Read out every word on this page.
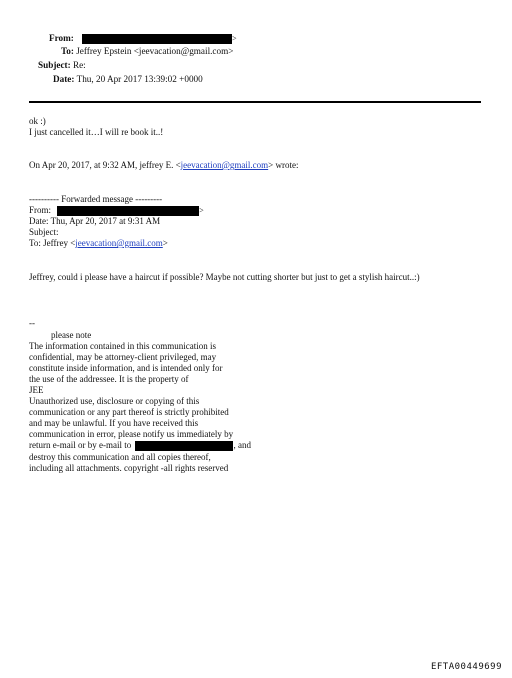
From:	>
To: Jeffrey Epstein <jeevacation@gmail.com>
Subject: Re:
Date: Thu, 20 Apr 2017 13:39:02 +0000
ok :)
I just cancelled it…I will re book it..!
On Apr 20, 2017, at 9:32 AM, jeffrey E. <jeevacation@gmail.com> wrote:
---------- Forwarded message ---------
From:	>
Date: Thu, Apr 20, 2017 at 9:31 AM
Subject:
To: Jeffrey <jeevacation@gmail.com>
Jeffrey, could i please have a haircut if possible? Maybe not cutting shorter but just to get a stylish haircut..:)
--
please note
The information contained in this communication is
confidential, may be attorney-client privileged, may
constitute inside information, and is intended only for
the use of the addressee. It is the property of
JEE
Unauthorized use, disclosure or copying of this
communication or any part thereof is strictly prohibited
and may be unlawful. If you have received this
communication in error, please notify us immediately by
return e-mail or by e-mail to	, and
destroy this communication and all copies thereof,
including all attachments. copyright -all rights reserved
EFTA00449699
